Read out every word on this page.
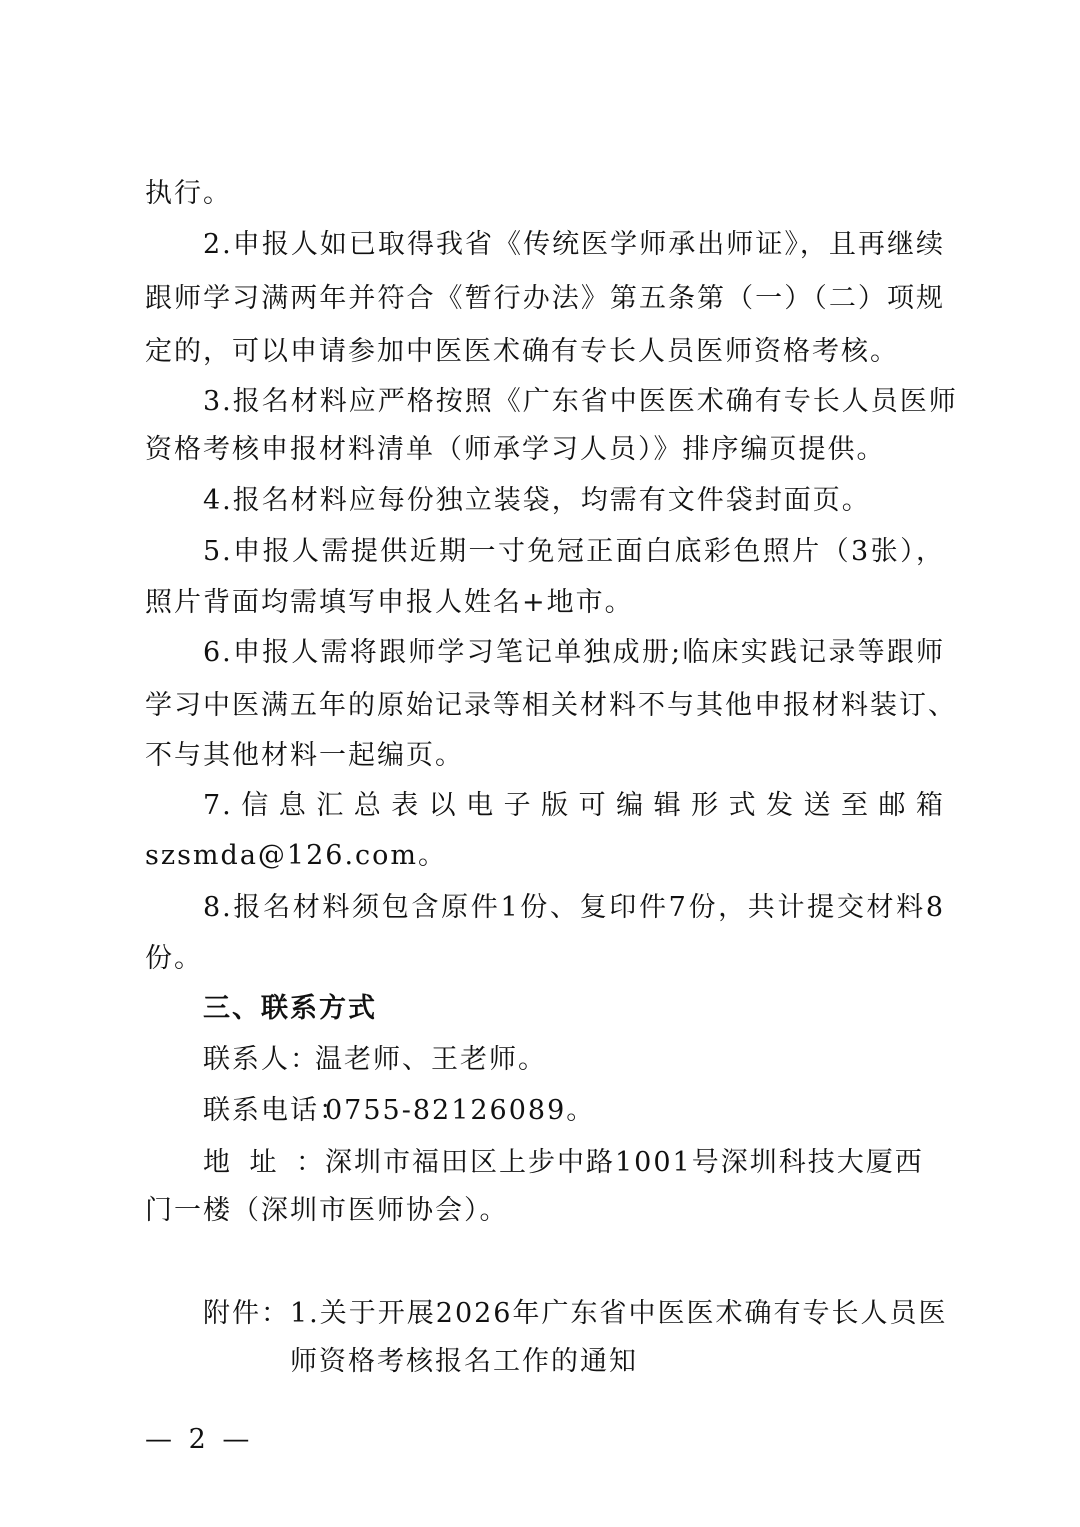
执行。
2.申报人如已取得我省《传统医学师承出师证》，且再继续
跟师学习满两年并符合《暂行办法》第五条第（一）（二）项规
定的，可以申请参加中医医术确有专长人员医师资格考核。
3.报名材料应严格按照《广东省中医医术确有专长人员医师
资格考核申报材料清单（师承学习人员）》排序编页提供。
4.报名材料应每份独立装袋，均需有文件袋封面页。
5.申报人需提供近期一寸免冠正面白底彩色照片（3张），
照片背面均需填写申报人姓名+地市。
6.申报人需将跟师学习笔记单独成册;临床实践记录等跟师
学习中医满五年的原始记录等相关材料不与其他申报材料装订、
不与其他材料一起编页。
7.信息汇总表以电子版可编辑形式发送至邮箱
szsmda@126.com。
8.报名材料须包含原件1份、复印件7份，共计提交材料8
份。
三、联系方式
联系人：温老师、王老师。
联系电话：0755-82126089。
地址：深圳市福田区上步中路1001号深圳科技大厦西
门一楼（深圳市医师协会）。
附件：1.关于开展2026年广东省中医医术确有专长人员医
师资格考核报名工作的通知
— 2 —
